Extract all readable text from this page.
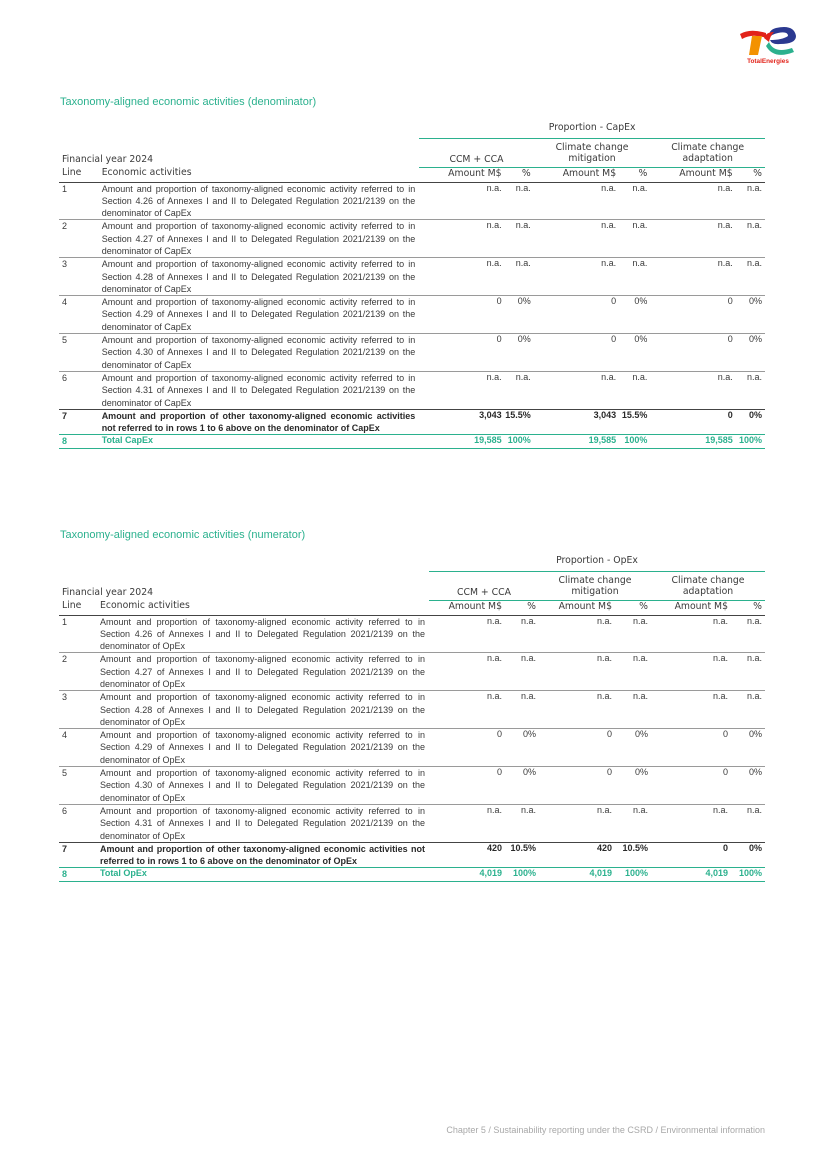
TotalEnergies
Taxonomy-aligned economic activities (denominator)
		Proportion - CapEx					
Financial year 2024		CCM + CCA		Climate change mitigation		Climate change adaptation	

Line	Economic activities	Amount M$	%	Amount M$	%	Amount M$	%
1	Amount and proportion of taxonomy-aligned economic activity referred to in Section 4.26 of Annexes I and II to Delegated Regulation 2021/2139 on the denominator of CapEx	n.a.	n.a.	n.a.	n.a.	n.a.	n.a.
2	Amount and proportion of taxonomy-aligned economic activity referred to in Section 4.27 of Annexes I and II to Delegated Regulation 2021/2139 on the denominator of CapEx	n.a.	n.a.	n.a.	n.a.	n.a.	n.a.
3	Amount and proportion of taxonomy-aligned economic activity referred to in Section 4.28 of Annexes I and II to Delegated Regulation 2021/2139 on the denominator of CapEx	n.a.	n.a.	n.a.	n.a.	n.a.	n.a.
4	Amount and proportion of taxonomy-aligned economic activity referred to in Section 4.29 of Annexes I and II to Delegated Regulation 2021/2139 on the denominator of CapEx	0	0%	0	0%	0	0%
5	Amount and proportion of taxonomy-aligned economic activity referred to in Section 4.30 of Annexes I and II to Delegated Regulation 2021/2139 on the denominator of CapEx	0	0%	0	0%	0	0%
6	Amount and proportion of taxonomy-aligned economic activity referred to in Section 4.31 of Annexes I and II to Delegated Regulation 2021/2139 on the denominator of CapEx	n.a.	n.a.	n.a.	n.a.	n.a.	n.a.
7	Amount and proportion of other taxonomy-aligned economic activities not referred to in rows 1 to 6 above on the denominator of CapEx	3,043	15.5%	3,043	15.5%	0	0%
8	Total CapEx	19,585	100%	19,585	100%	19,585	100%
Taxonomy-aligned economic activities (numerator)
		Proportion - OpEx					
Financial year 2024		CCM + CCA		Climate change mitigation		Climate change adaptation	

Line	Economic activities	Amount M$	%	Amount M$	%	Amount M$	%
1	Amount and proportion of taxonomy-aligned economic activity referred to in Section 4.26 of Annexes I and II to Delegated Regulation 2021/2139 on the denominator of OpEx	n.a.	n.a.	n.a.	n.a.	n.a.	n.a.
2	Amount and proportion of taxonomy-aligned economic activity referred to in Section 4.27 of Annexes I and II to Delegated Regulation 2021/2139 on the denominator of OpEx	n.a.	n.a.	n.a.	n.a.	n.a.	n.a.
3	Amount and proportion of taxonomy-aligned economic activity referred to in Section 4.28 of Annexes I and II to Delegated Regulation 2021/2139 on the denominator of OpEx	n.a.	n.a.	n.a.	n.a.	n.a.	n.a.
4	Amount and proportion of taxonomy-aligned economic activity referred to in Section 4.29 of Annexes I and II to Delegated Regulation 2021/2139 on the denominator of OpEx	0	0%	0	0%	0	0%
5	Amount and proportion of taxonomy-aligned economic activity referred to in Section 4.30 of Annexes I and II to Delegated Regulation 2021/2139 on the denominator of OpEx	0	0%	0	0%	0	0%
6	Amount and proportion of taxonomy-aligned economic activity referred to in Section 4.31 of Annexes I and II to Delegated Regulation 2021/2139 on the denominator of OpEx	n.a.	n.a.	n.a.	n.a.	n.a.	n.a.
7	Amount and proportion of other taxonomy-aligned economic activities not referred to in rows 1 to 6 above on the denominator of OpEx	420	10.5%	420	10.5%	0	0%
8	Total OpEx	4,019	100%	4,019	100%	4,019	100%
Chapter 5 / Sustainability reporting under the CSRD / Environmental information
